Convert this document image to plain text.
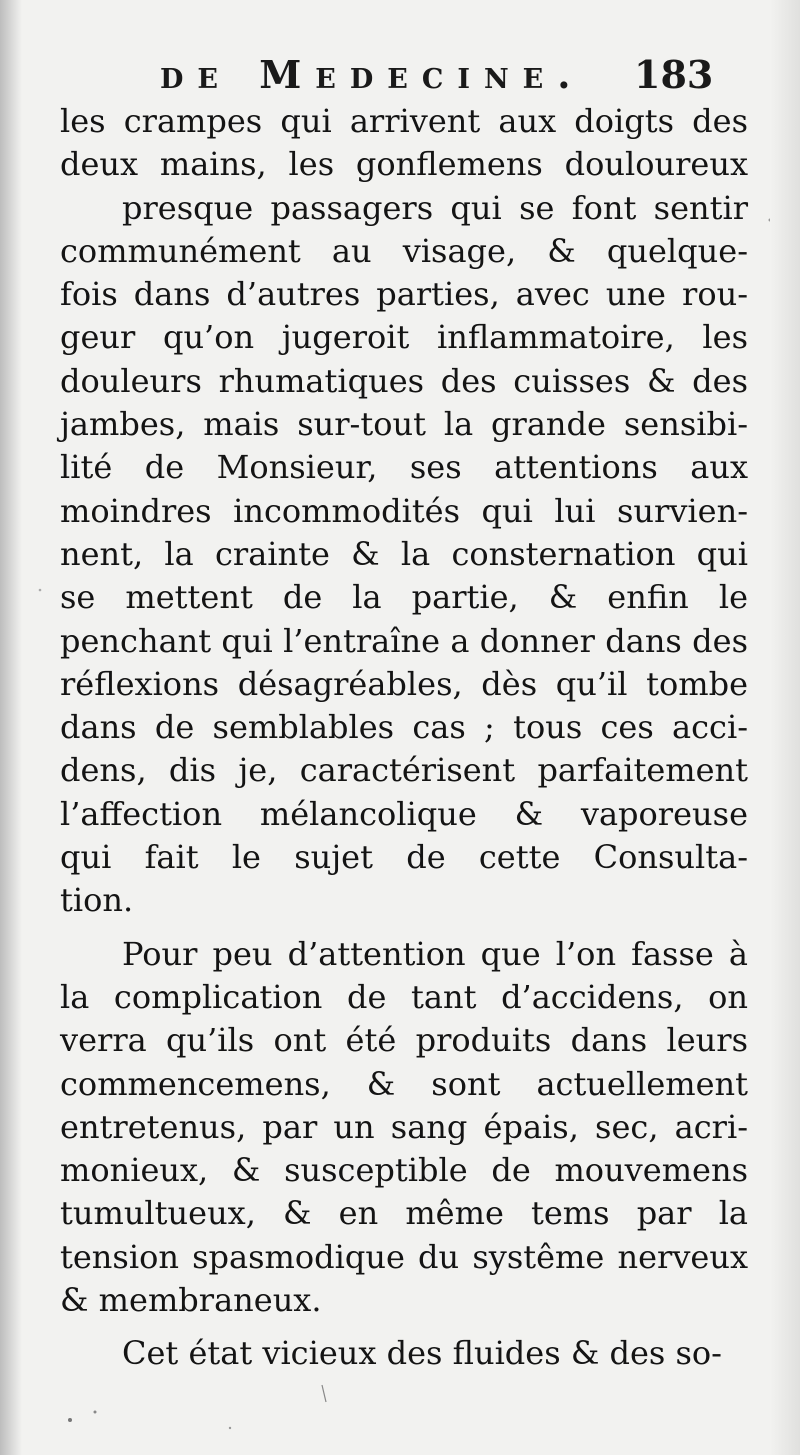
de Medecine. 183
les crampes qui arrivent aux doigts des
deux mains, les gonflemens douloureux
presque passagers qui se font sentir
communément au visage, & quelque-
fois dans d’autres parties, avec une rou-
geur qu’on jugeroit inflammatoire, les
douleurs rhumatiques des cuisses & des
jambes, mais sur-tout la grande sensibi-
lité de Monsieur, ses attentions aux
moindres incommodités qui lui survien-
nent, la crainte & la consternation qui
se mettent de la partie, & enfin le
penchant qui l’entraîne a donner dans des
réflexions désagréables, dès qu’il tombe
dans de semblables cas ; tous ces acci-
dens, dis je, caractérisent parfaitement
l’affection mélancolique & vaporeuse
qui fait le sujet de cette Consulta-
tion.
Pour peu d’attention que l’on fasse à
la complication de tant d’accidens, on
verra qu’ils ont été produits dans leurs
commencemens, & sont actuellement
entretenus, par un sang épais, sec, acri-
monieux, & susceptible de mouvemens
tumultueux, & en même tems par la
tension spasmodique du systême nerveux
& membraneux.
Cet état vicieux des fluides & des so-
